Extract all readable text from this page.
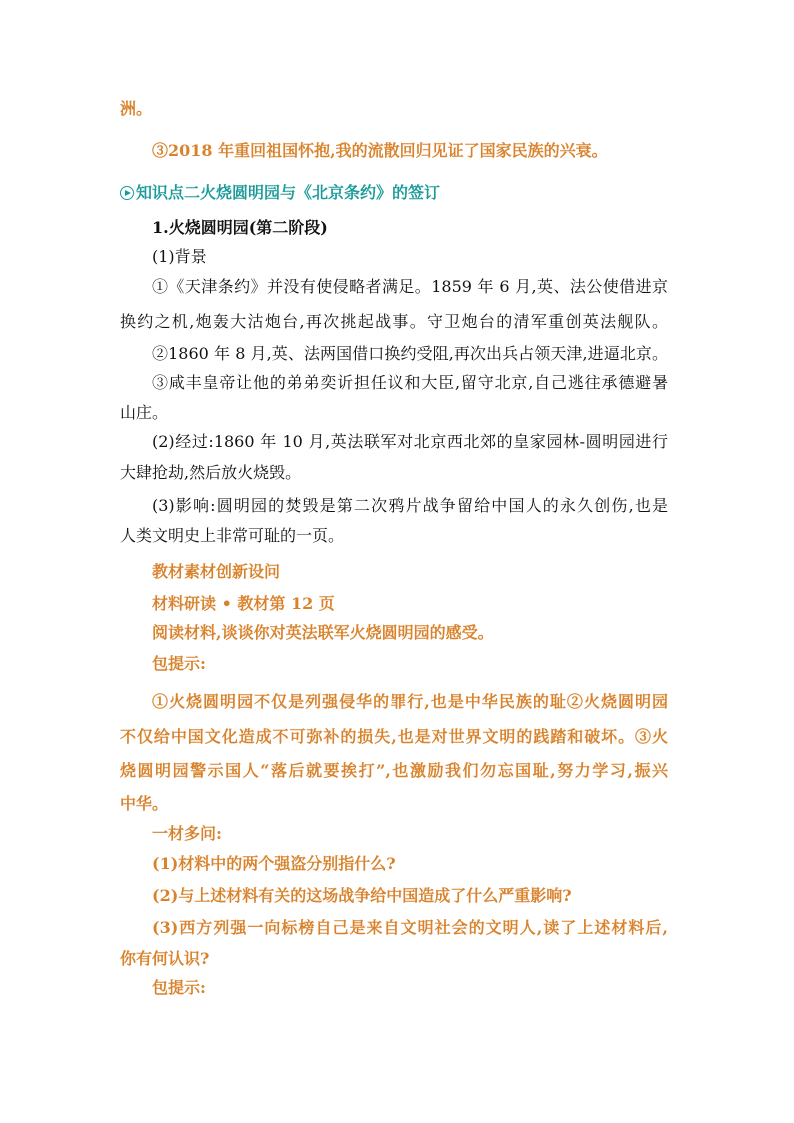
洲。
③2018 年重回祖国怀抱,我的流散回归见证了国家民族的兴衰。
知识点二火烧圆明园与《北京条约》的签订
1.火烧圆明园(第二阶段)
(1)背景
①《天津条约》并没有使侵略者满足。1859 年 6 月,英、法公使借进京
换约之机,炮轰大沽炮台,再次挑起战事。守卫炮台的清军重创英法舰队。
②1860 年 8 月,英、法两国借口换约受阻,再次出兵占领天津,进逼北京。
③咸丰皇帝让他的弟弟奕䜣担任议和大臣,留守北京,自己逃往承德避暑
山庄。
(2)经过:1860 年 10 月,英法联军对北京西北郊的皇家园林-圆明园进行
大肆抢劫,然后放火烧毁。
(3)影响:圆明园的焚毁是第二次鸦片战争留给中国人的永久创伤,也是
人类文明史上非常可耻的一页。
教材素材创新设问
材料研读 • 教材第 12 页
阅读材料,谈谈你对英法联军火烧圆明园的感受。
包提示:
①火烧圆明园不仅是列强侵华的罪行,也是中华民族的耻②火烧圆明园
不仅给中国文化造成不可弥补的损失,也是对世界文明的践踏和破坏。③火
烧圆明园警示国人“落后就要挨打”,也激励我们勿忘国耻,努力学习,振兴
中华。
一材多问:
(1)材料中的两个强盗分别指什么?
(2)与上述材料有关的这场战争给中国造成了什么严重影响?
(3)西方列强一向标榜自己是来自文明社会的文明人,读了上述材料后,
你有何认识?
包提示:
